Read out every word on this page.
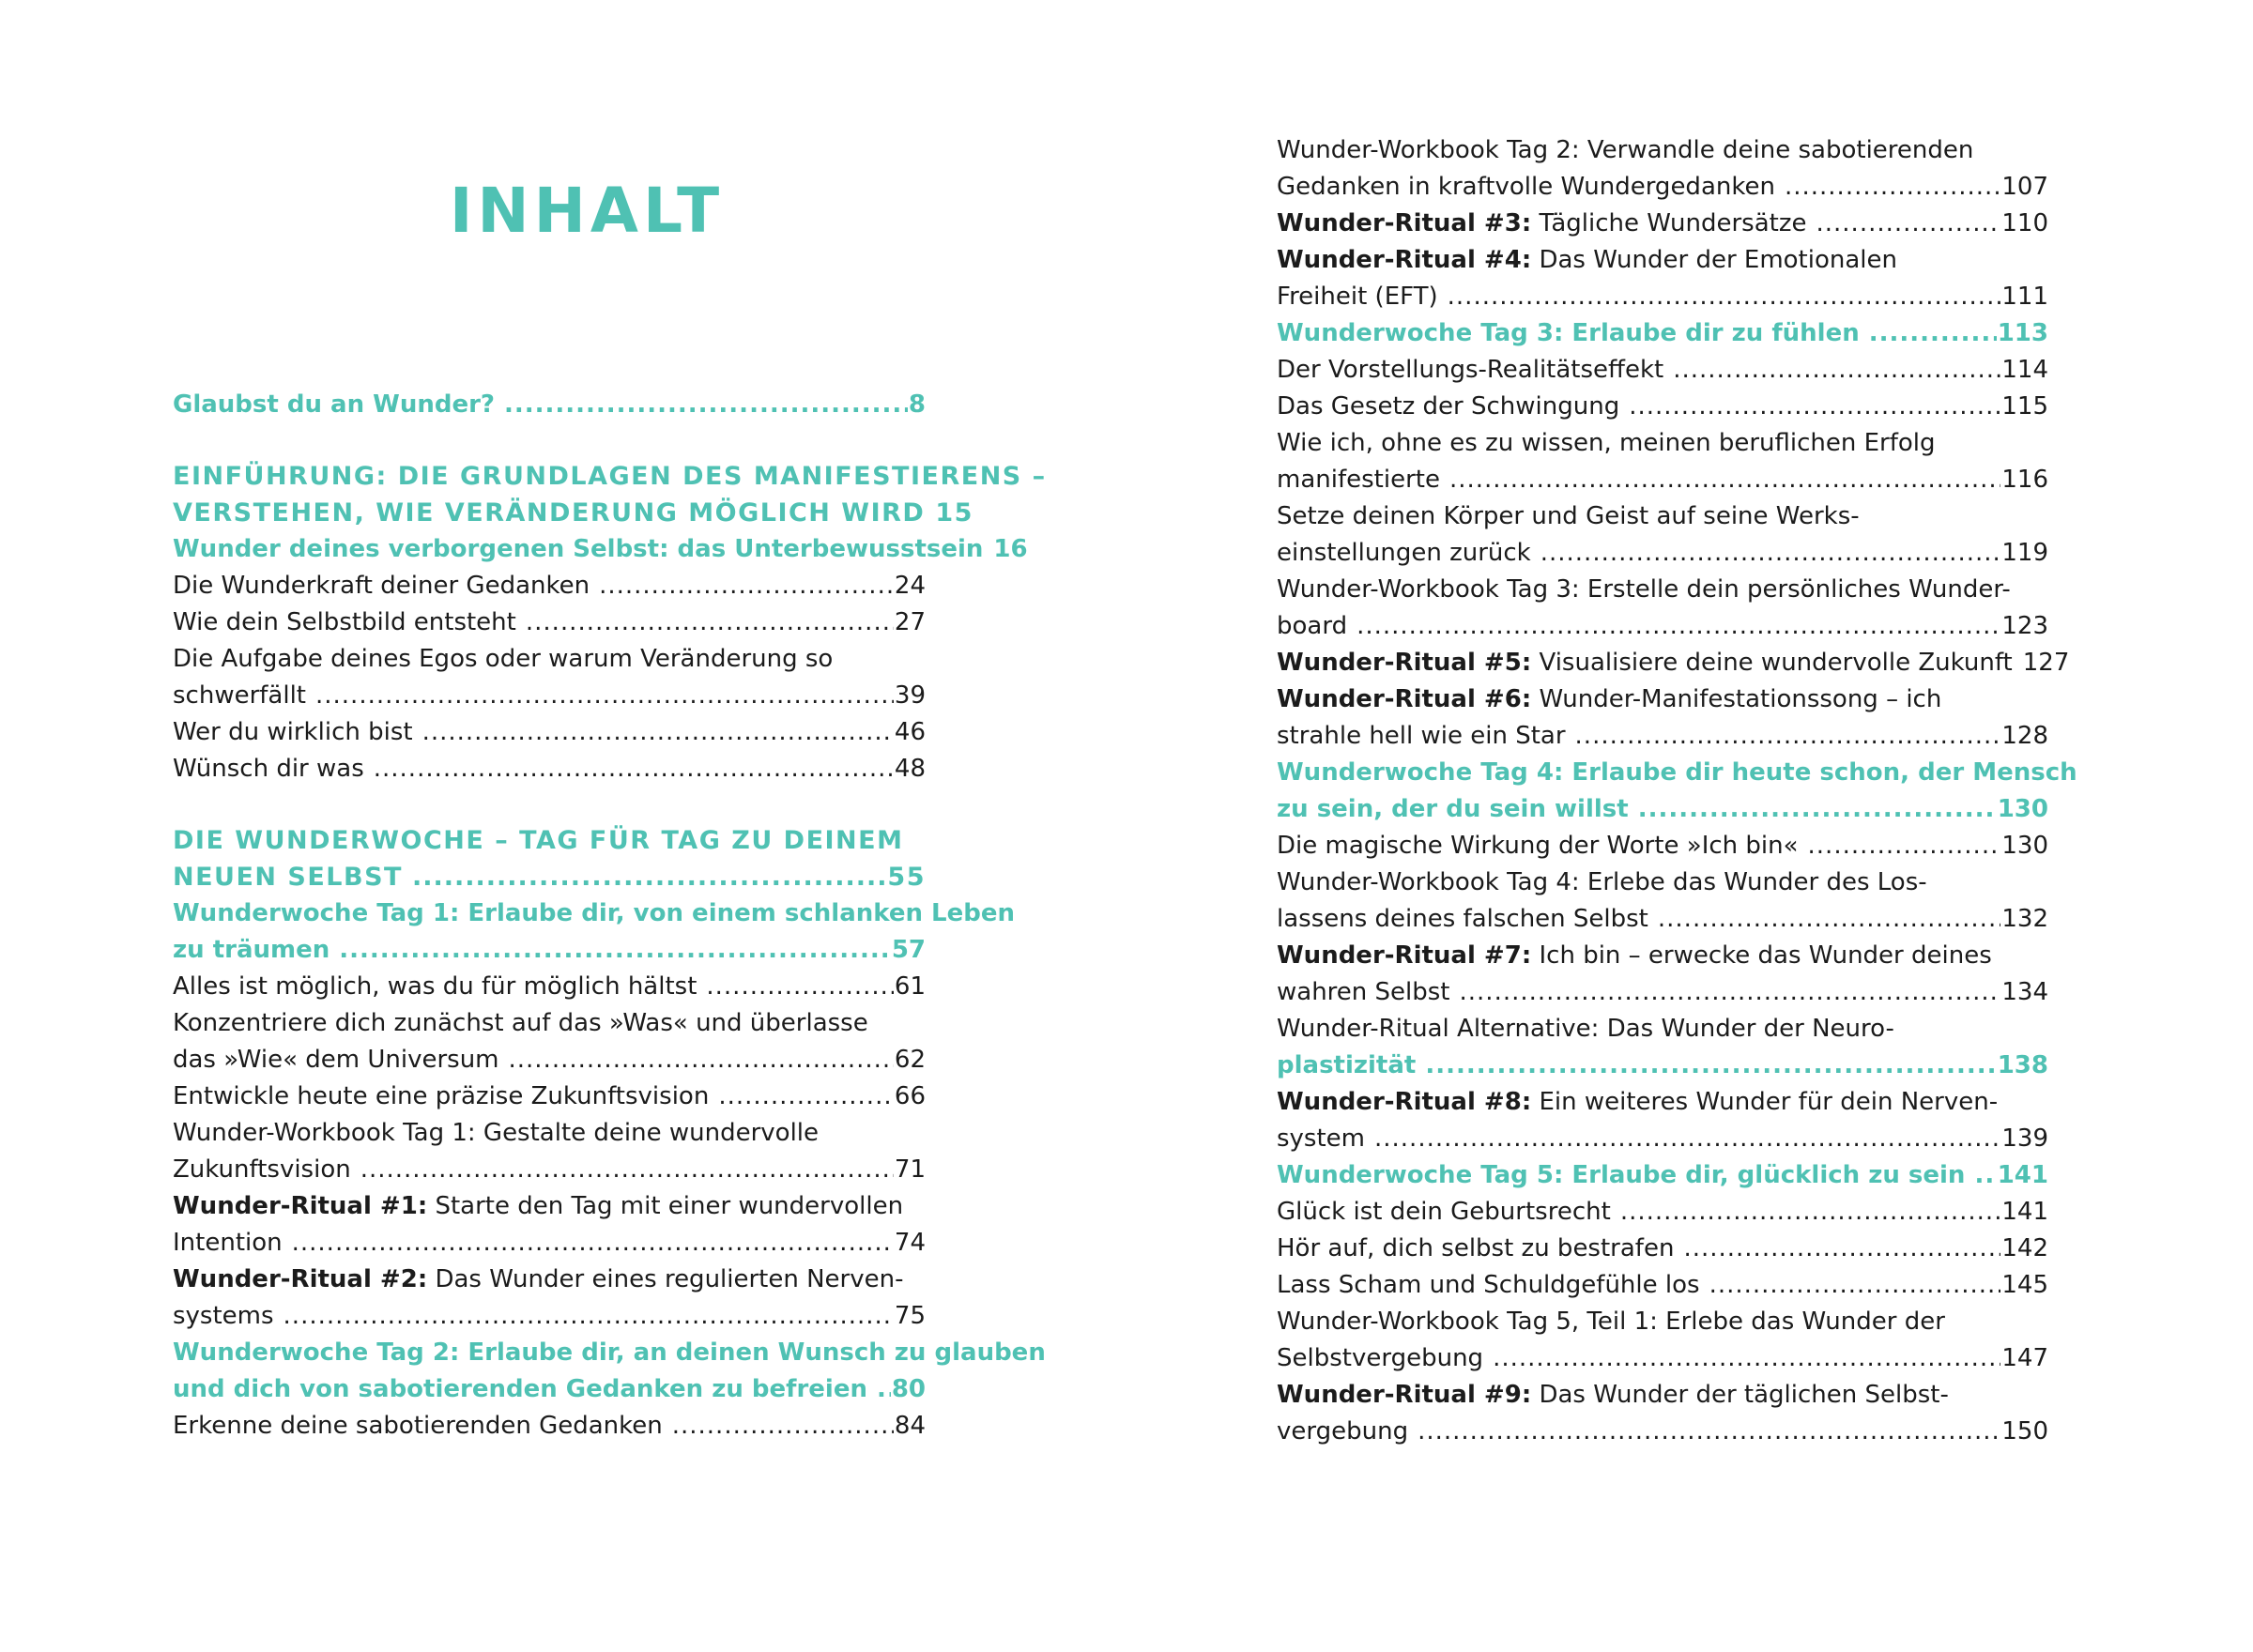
INHALT
Glaubst du an Wunder? .....	8
EINFÜHRUNG: DIE GRUNDLAGEN DES MANIFESTIERENS –
VERSTEHEN, WIE VERÄNDERUNG MÖGLICH WIRD 15
Wunder deines verborgenen Selbst: das Unterbewusstsein 16
Die Wunderkraft deiner Gedanken .....	24
Wie dein Selbstbild entsteht .....	27
Die Aufgabe deines Egos oder warum Veränderung so
schwerfällt .....	39
Wer du wirklich bist .....	46
Wünsch dir was .....	48
DIE WUNDERWOCHE – TAG FÜR TAG ZU DEINEM
NEUEN SELBST .....	55
Wunderwoche Tag 1: Erlaube dir, von einem schlanken Leben
zu träumen .....	57
Alles ist möglich, was du für möglich hältst .....	61
Konzentriere dich zunächst auf das »Was« und überlasse
das »Wie« dem Universum .....	62
Entwickle heute eine präzise Zukunftsvision .....	66
Wunder-Workbook Tag 1: Gestalte deine wundervolle
Zukunftsvision .....	71
Wunder-Ritual #1: Starte den Tag mit einer wundervollen
Intention .....	74
Wunder-Ritual #2: Das Wunder eines regulierten Nerven-
systems .....	75
Wunderwoche Tag 2: Erlaube dir, an deinen Wunsch zu glauben
und dich von sabotierenden Gedanken zu befreien ..... 80
Erkenne deine sabotierenden Gedanken .....	84
Wunder-Workbook Tag 2: Verwandle deine sabotierenden
Gedanken in kraftvolle Wundergedanken .....	107
Wunder-Ritual #3: Tägliche Wundersätze .....	110
Wunder-Ritual #4: Das Wunder der Emotionalen
Freiheit (EFT) .....	111
Wunderwoche Tag 3: Erlaube dir zu fühlen .....	113
Der Vorstellungs-Realitätseffekt .....	114
Das Gesetz der Schwingung .....	115
Wie ich, ohne es zu wissen, meinen beruflichen Erfolg
manifestierte .....	116
Setze deinen Körper und Geist auf seine Werks-
einstellungen zurück .....	119
Wunder-Workbook Tag 3: Erstelle dein persönliches Wunder-
board .....	123
Wunder-Ritual #5: Visualisiere deine wundervolle Zukunft 127
Wunder-Ritual #6: Wunder-Manifestationssong – ich
strahle hell wie ein Star .....	128
Wunderwoche Tag 4: Erlaube dir heute schon, der Mensch
zu sein, der du sein willst .....	130
Die magische Wirkung der Worte »Ich bin« .....	130
Wunder-Workbook Tag 4: Erlebe das Wunder des Los-
lassens deines falschen Selbst .....	132
Wunder-Ritual #7: Ich bin – erwecke das Wunder deines
wahren Selbst .....	134
Wunder-Ritual Alternative: Das Wunder der Neuro-
plastizität .....	138
Wunder-Ritual #8: Ein weiteres Wunder für dein Nerven-
system .....	139
Wunderwoche Tag 5: Erlaube dir, glücklich zu sein ..... 141
Glück ist dein Geburtsrecht .....	141
Hör auf, dich selbst zu bestrafen .....	142
Lass Scham und Schuldgefühle los .....	145
Wunder-Workbook Tag 5, Teil 1: Erlebe das Wunder der
Selbstvergebung .....	147
Wunder-Ritual #9: Das Wunder der täglichen Selbst-
vergebung .....	150
